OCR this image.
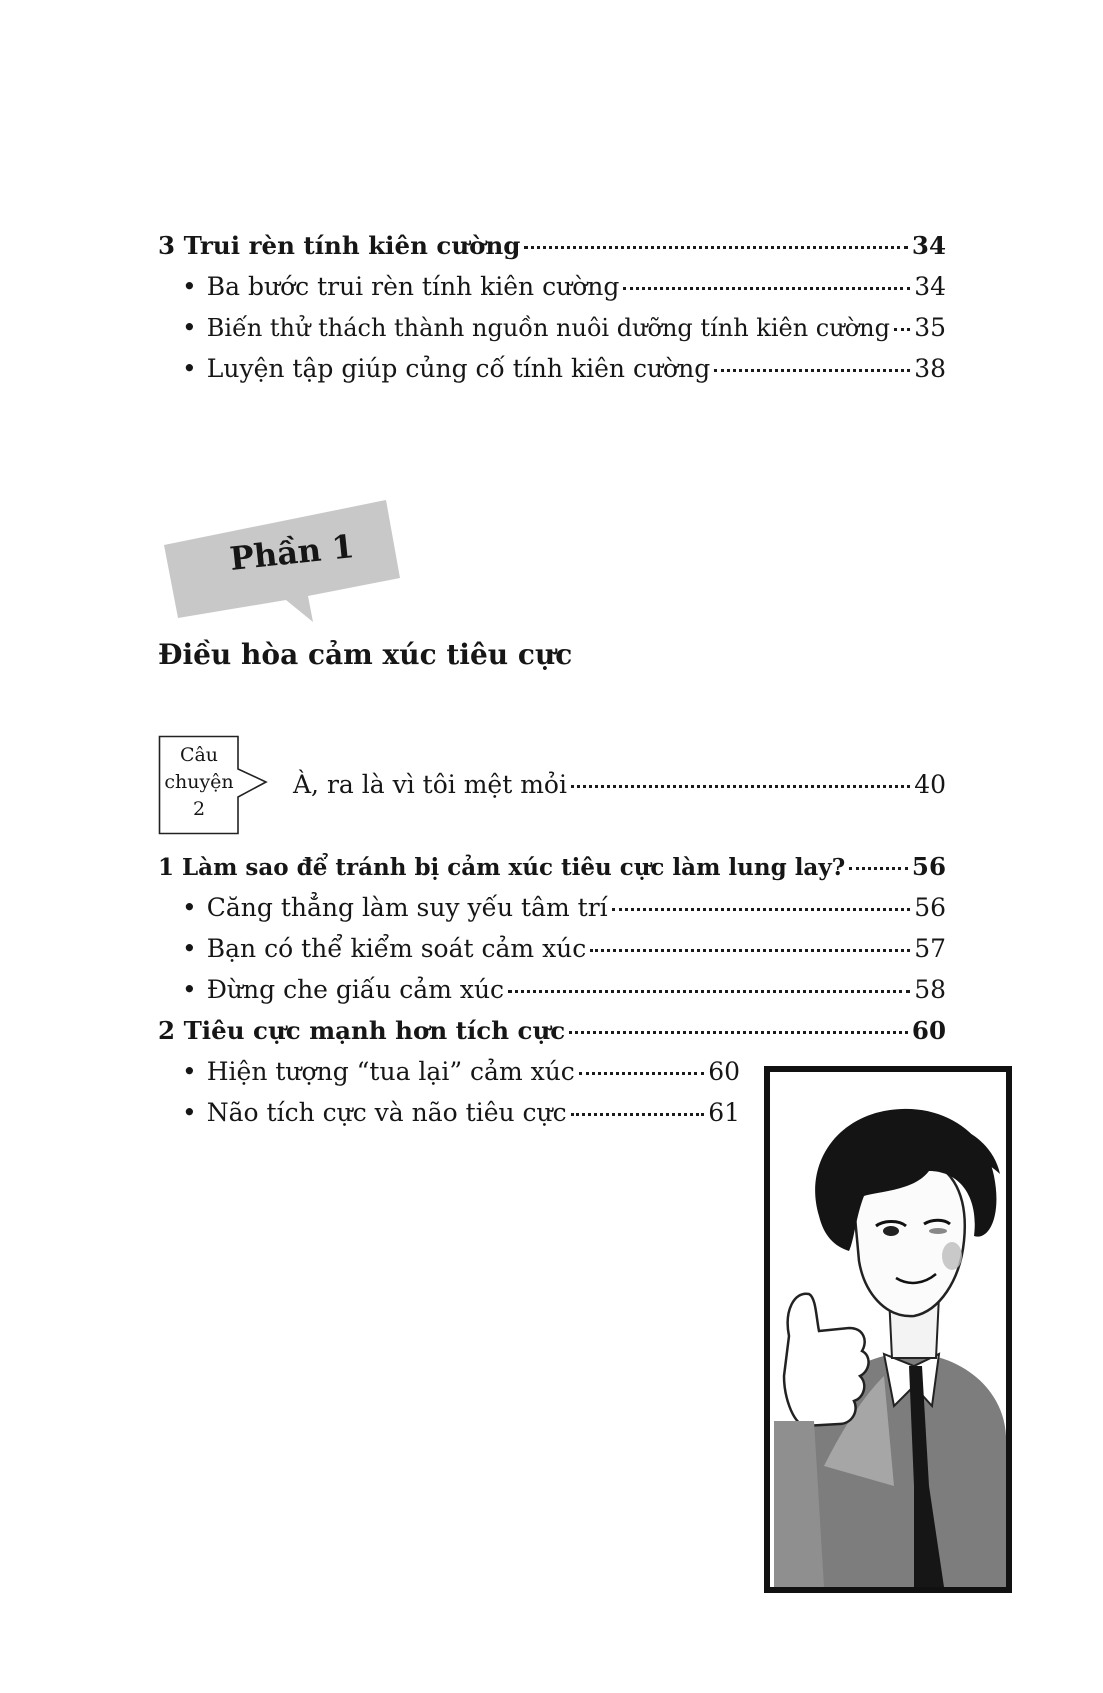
3 Trui rèn tính kiên cường	34
• Ba bước trui rèn tính kiên cường	34
• Biến thử thách thành nguồn nuôi dưỡng tính kiên cường 35
• Luyện tập giúp củng cố tính kiên cường	38
Phần 1
Điều hòa cảm xúc tiêu cực
Câu
chuyện
2
À, ra là vì tôi mệt mỏi	40
1 Làm sao để tránh bị cảm xúc tiêu cực làm lung lay?	56
• Căng thẳng làm suy yếu tâm trí	56
• Bạn có thể kiểm soát cảm xúc	57
• Đừng che giấu cảm xúc	58
2 Tiêu cực mạnh hơn tích cực	60
• Hiện tượng “tua lại” cảm xúc	60
• Não tích cực và não tiêu cực	61
